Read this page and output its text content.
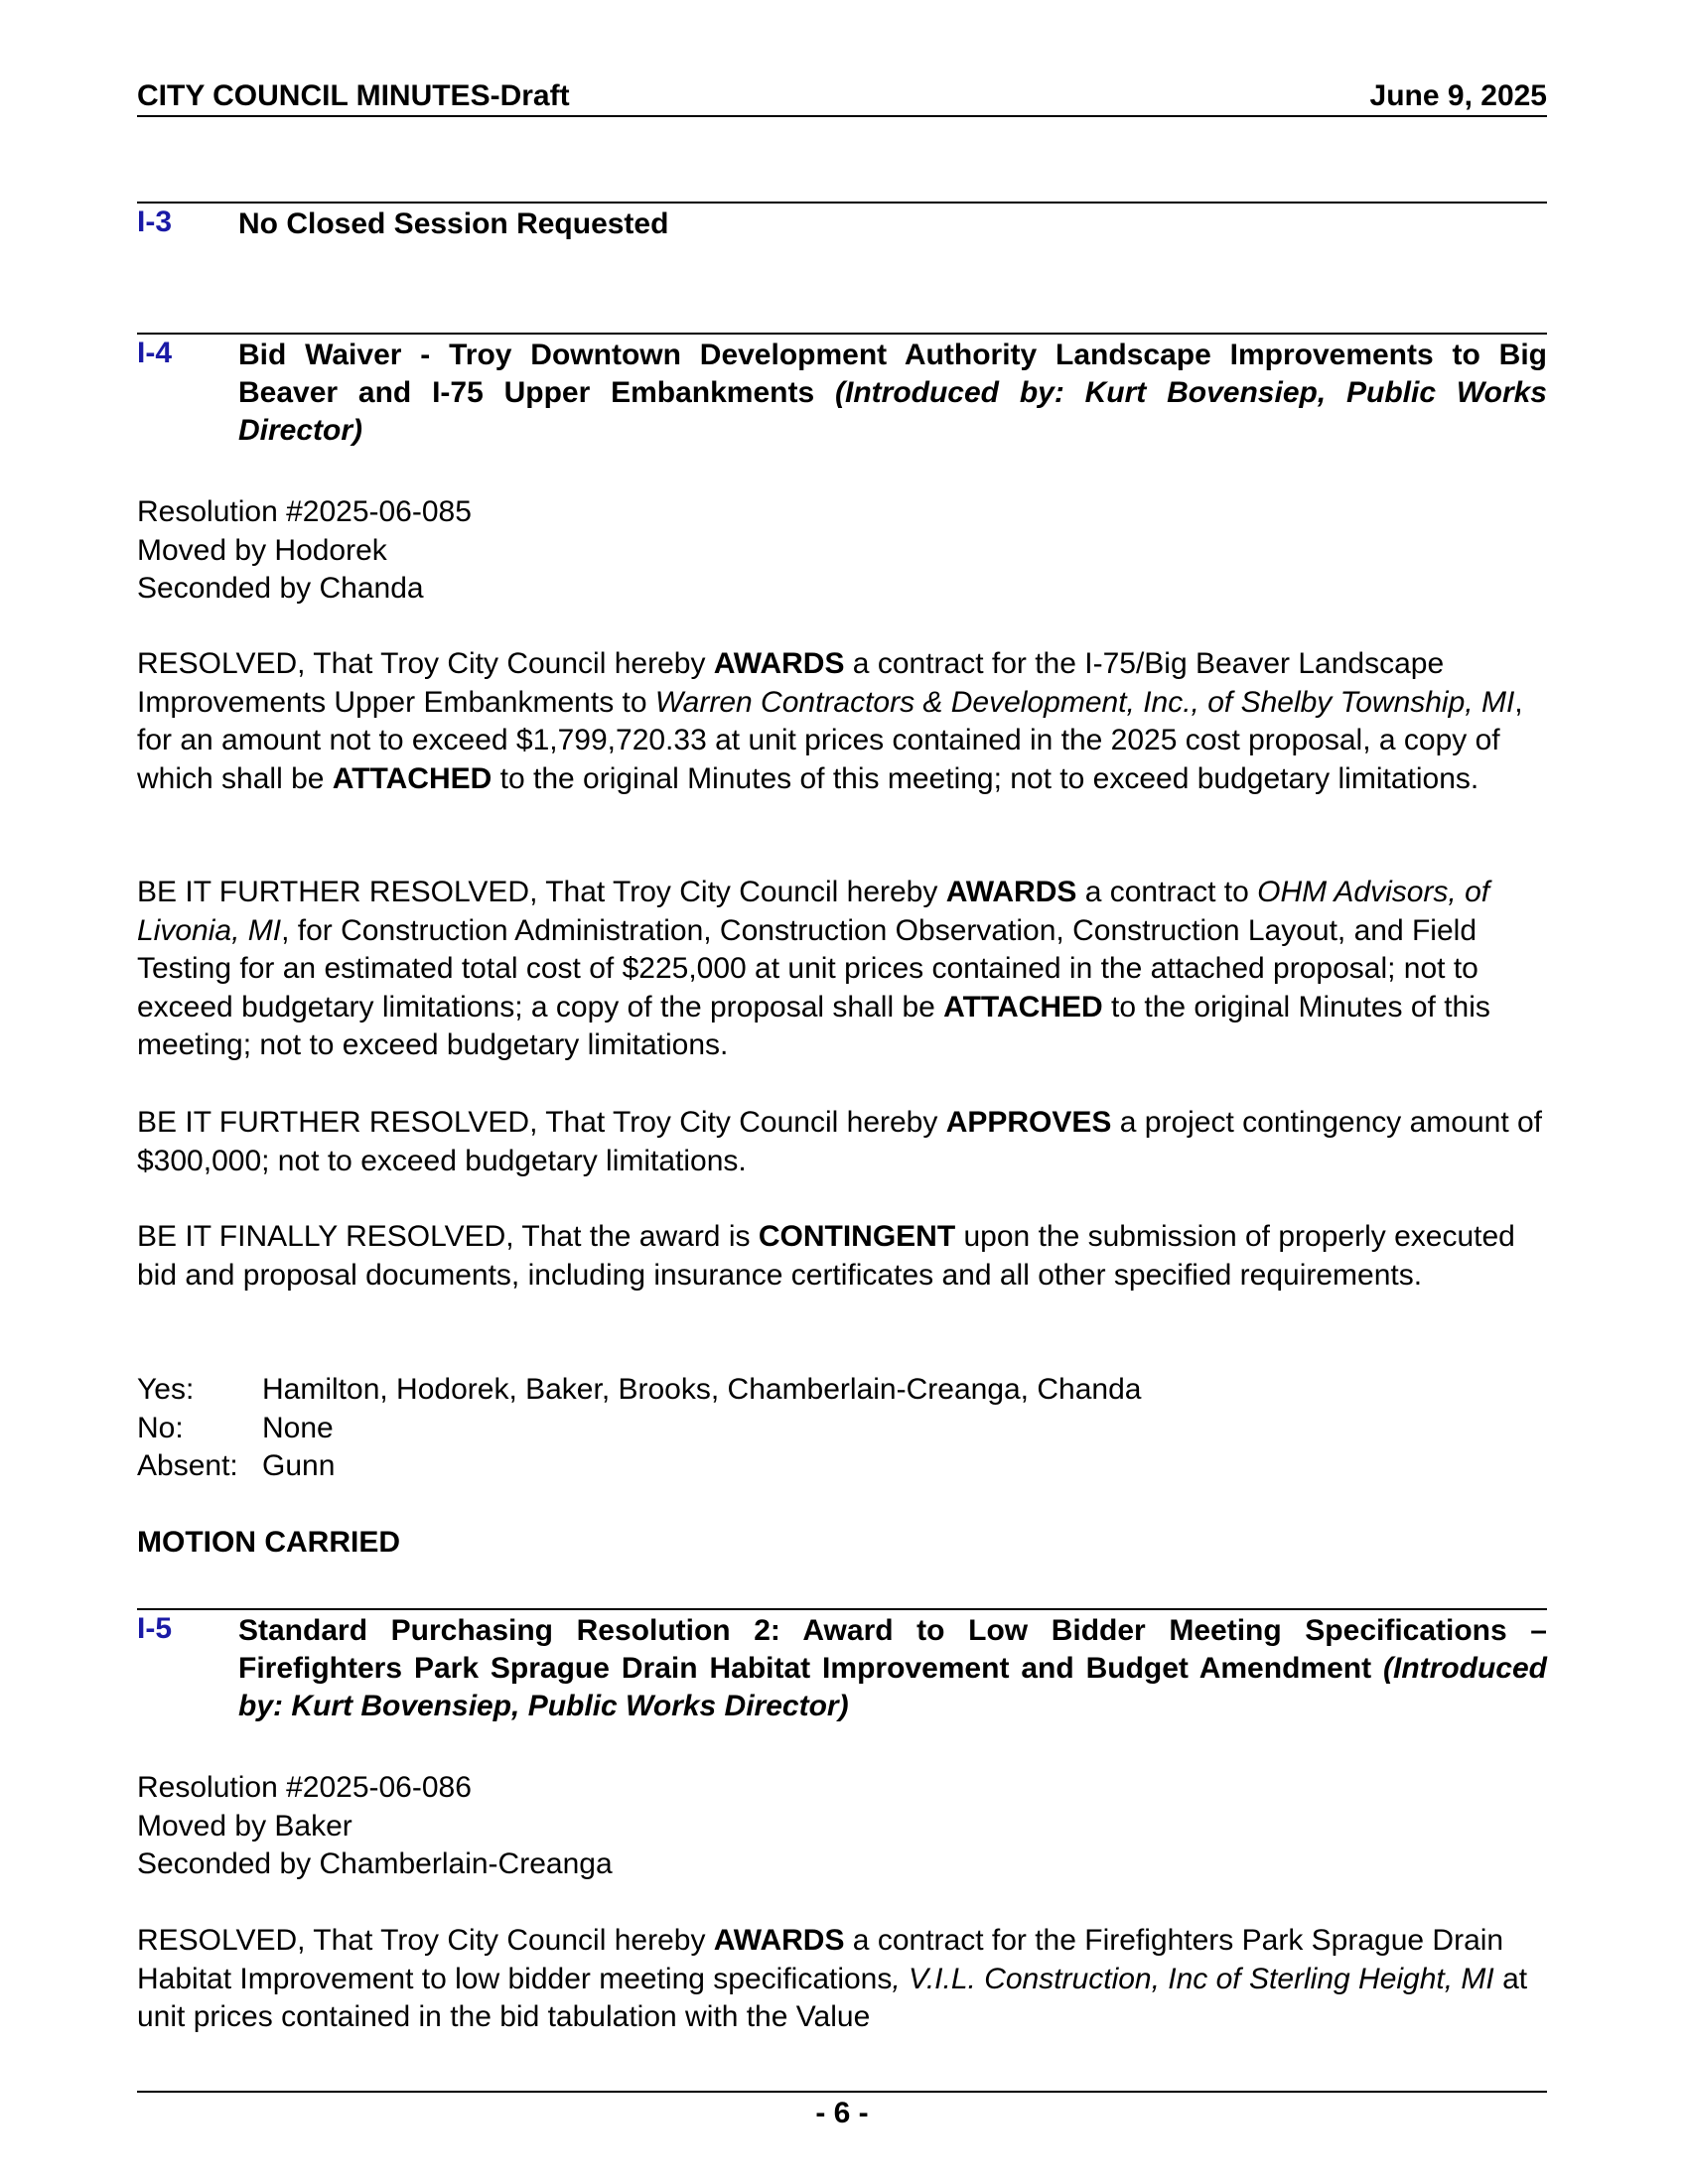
CITY COUNCIL MINUTES-Draft	June 9, 2025
I-3 No Closed Session Requested
I-4 Bid Waiver - Troy Downtown Development Authority Landscape Improvements to Big Beaver and I-75 Upper Embankments (Introduced by: Kurt Bovensiep, Public Works Director)
Resolution #2025-06-085
Moved by Hodorek
Seconded by Chanda

RESOLVED, That Troy City Council hereby AWARDS a contract for the I-75/Big Beaver Landscape Improvements Upper Embankments to Warren Contractors & Development, Inc., of Shelby Township, MI, for an amount not to exceed $1,799,720.33 at unit prices contained in the 2025 cost proposal, a copy of which shall be ATTACHED to the original Minutes of this meeting; not to exceed budgetary limitations.

BE IT FURTHER RESOLVED, That Troy City Council hereby AWARDS a contract to OHM Advisors, of Livonia, MI, for Construction Administration, Construction Observation, Construction Layout, and Field Testing for an estimated total cost of $225,000 at unit prices contained in the attached proposal; not to exceed budgetary limitations; a copy of the proposal shall be ATTACHED to the original Minutes of this meeting; not to exceed budgetary limitations.

BE IT FURTHER RESOLVED, That Troy City Council hereby APPROVES a project contingency amount of $300,000; not to exceed budgetary limitations.

BE IT FINALLY RESOLVED, That the award is CONTINGENT upon the submission of properly executed bid and proposal documents, including insurance certificates and all other specified requirements.

Yes:	Hamilton, Hodorek, Baker, Brooks, Chamberlain-Creanga, Chanda
No:	None
Absent: Gunn
MOTION CARRIED
I-5 Standard Purchasing Resolution 2: Award to Low Bidder Meeting Specifications – Firefighters Park Sprague Drain Habitat Improvement and Budget Amendment (Introduced by: Kurt Bovensiep, Public Works Director)
Resolution #2025-06-086
Moved by Baker
Seconded by Chamberlain-Creanga

RESOLVED, That Troy City Council hereby AWARDS a contract for the Firefighters Park Sprague Drain Habitat Improvement to low bidder meeting specifications, V.I.L. Construction, Inc of Sterling Height, MI at unit prices contained in the bid tabulation with the Value

- 6 -
